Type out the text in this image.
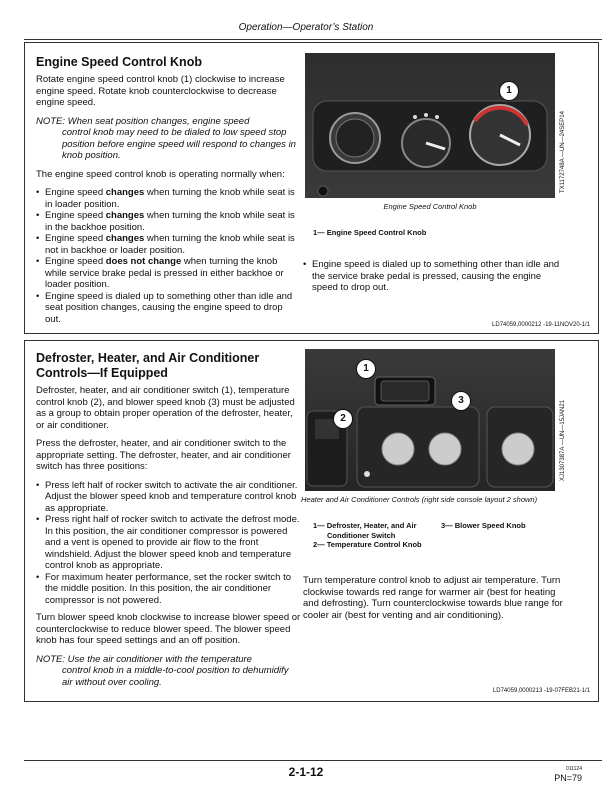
Operation—Operator’s Station
Engine Speed Control Knob

Rotate engine speed control knob (1) clockwise to increase engine speed. Rotate knob counterclockwise to decrease engine speed.

NOTE: When seat position changes, engine speed
control knob may need to be dialed to low speed stop position before engine speed will respond to changes in knob position.

The engine speed control knob is operating normally when:

• Engine speed changes when turning the knob while seat is in loader position.
• Engine speed changes when turning the knob while seat is in the backhoe position.
• Engine speed changes when turning the knob while seat is not in backhoe or loader position.
• Engine speed does not change when turning the knob while service brake pedal is pressed in either backhoe or loader position.
• Engine speed is dialed up to something other than idle and seat position changes, causing the engine speed to drop out.
1
TX1172748A —UN—24SEP14
Engine Speed Control Knob
1— Engine Speed Control Knob
• Engine speed is dialed up to something other than idle and the service brake pedal is pressed, causing the engine speed to drop out.
LD74059,0000212 -19-11NOV20-1/1
Defroster, Heater, and Air Conditioner Controls—If Equipped

Defroster, heater, and air conditioner switch (1), temperature control knob (2), and blower speed knob (3) must be adjusted as a group to obtain proper operation of the defroster, heater, or air conditioner.

Press the defroster, heater, and air conditioner switch to the appropriate setting. The defroster, heater, and air conditioner switch has three positions:

• Press left half of rocker switch to activate the air conditioner. Adjust the blower speed knob and temperature control knob as appropriate.
• Press right half of rocker switch to activate the defrost mode. In this position, the air conditioner compressor is powered and a vent is opened to provide air flow to the front windshield. Adjust the blower speed knob and temperature control knob as appropriate.
• For maximum heater performance, set the rocker switch to the middle position. In this position, the air conditioner compressor is not powered.

Turn blower speed knob clockwise to increase blower speed or counterclockwise to reduce blower speed. The blower speed knob has four speed settings and an off position.

NOTE: Use the air conditioner with the temperature
control knob in a middle-to-cool position to dehumidify air without over cooling.

1
2
3	XJ1307387A —UN—15JAN21
Heater and Air Conditioner Controls (right side console layout 2 shown)
1— Defroster, Heater, and Air
Conditioner Switch
2— Temperature Control Knob
3— Blower Speed Knob

Turn temperature control knob to adjust air temperature. Turn clockwise towards red range for warmer air (best for heating and defrosting). Turn counterclockwise towards blue range for cooler air (best for venting and air conditioning).

LD74059,0000213 -19-07FEB21-1/1
2-1-12	011124
PN=79
